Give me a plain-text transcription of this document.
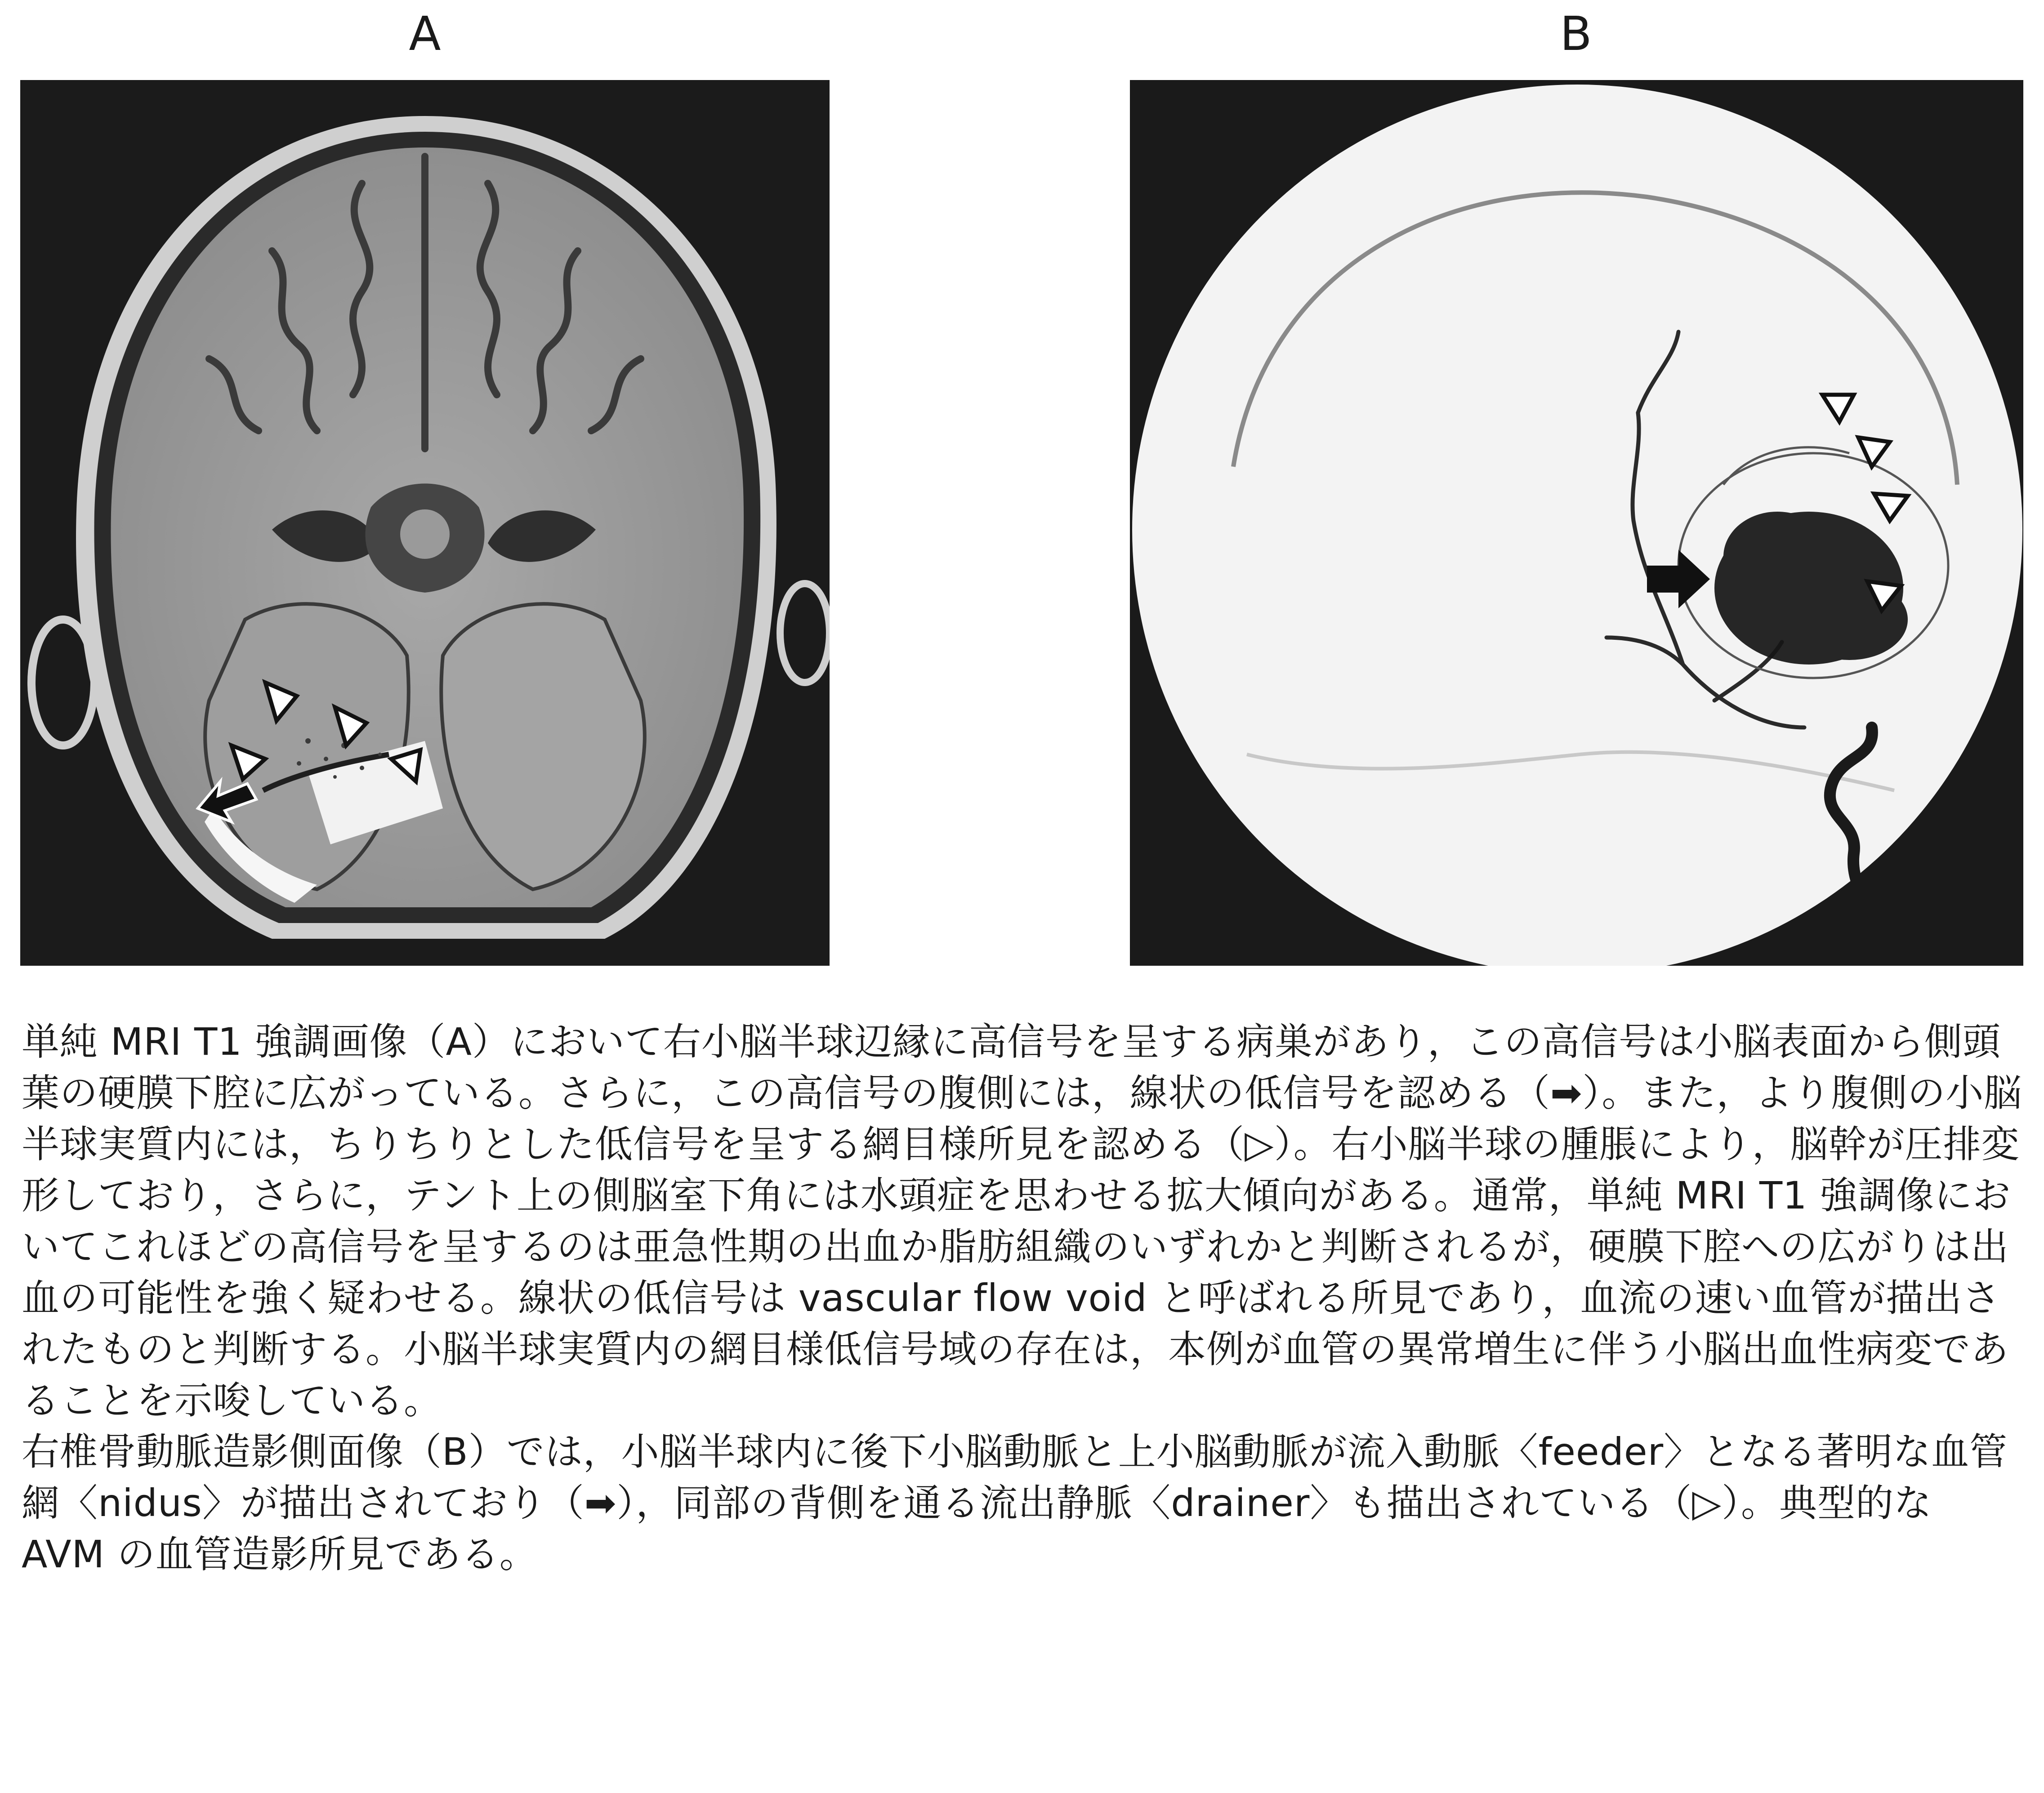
A	B

単純 MRI T1 強調画像（A）において右小脳半球辺縁に高信号を呈する病巣があり，この高信号は小脳表面から側頭葉の硬膜下腔に広がっている。さらに，この高信号の腹側には，線状の低信号を認める（➡）。また，より腹側の小脳半球実質内には，ちりちりとした低信号を呈する網目様所見を認める（▷）。右小脳半球の腫脹により，脳幹が圧排変形しており，さらに，テント上の側脳室下角には水頭症を思わせる拡大傾向がある。通常，単純 MRI T1 強調像においてこれほどの高信号を呈するのは亜急性期の出血か脂肪組織のいずれかと判断されるが，硬膜下腔への広がりは出血の可能性を強く疑わせる。線状の低信号は vascular flow void と呼ばれる所見であり，血流の速い血管が描出されたものと判断する。小脳半球実質内の網目様低信号域の存在は，本例が血管の異常増生に伴う小脳出血性病変であることを示唆している。

右椎骨動脈造影側面像（B）では，小脳半球内に後下小脳動脈と上小脳動脈が流入動脈〈feeder〉となる著明な血管網〈nidus〉が描出されており（➡），同部の背側を通る流出静脈〈drainer〉も描出されている（▷）。典型的な AVM の血管造影所見である。
